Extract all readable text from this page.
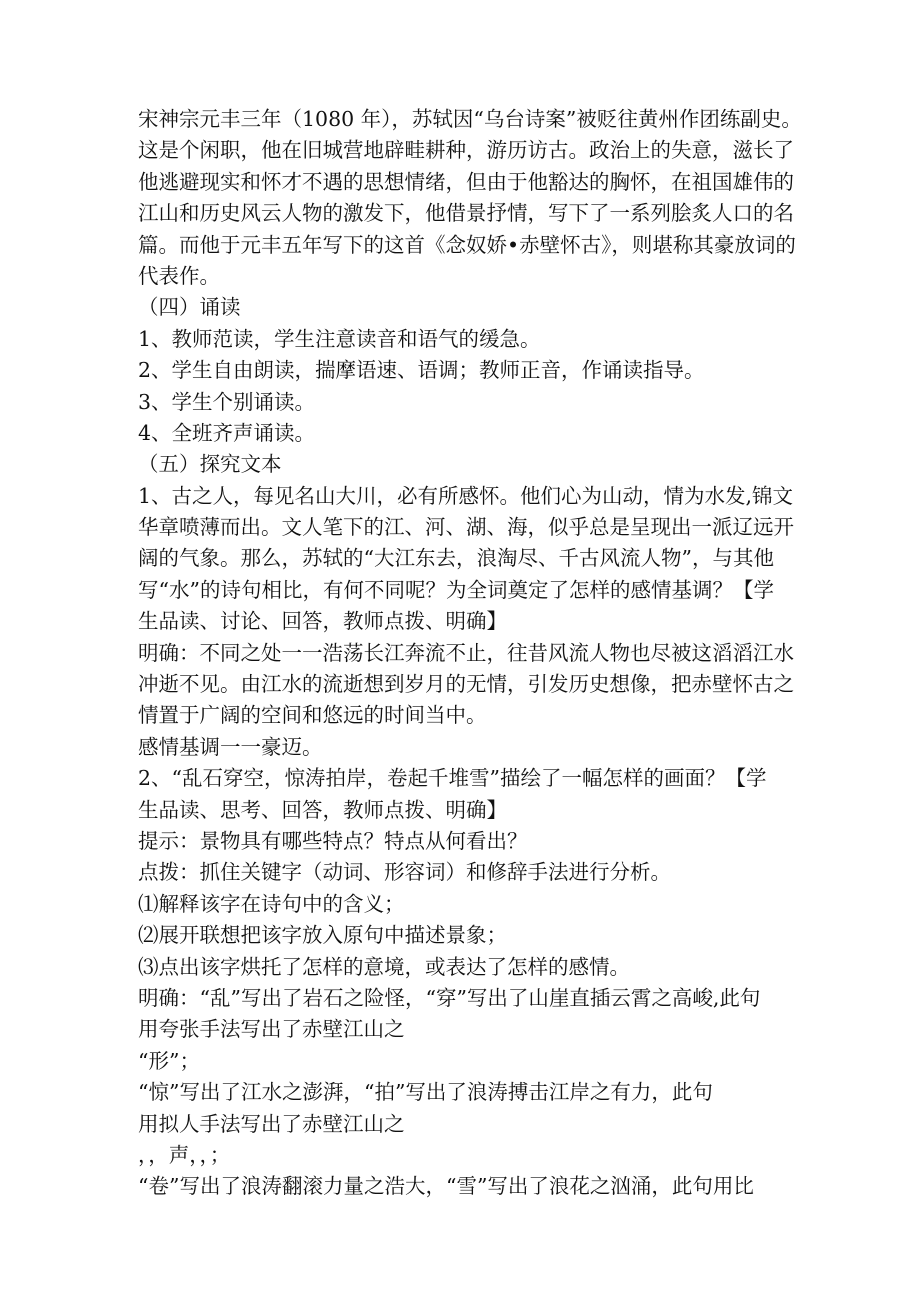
宋神宗元丰三年（1080 年），苏轼因“乌台诗案”被贬往黄州作团练副史。
这是个闲职，他在旧城营地辟畦耕种，游历访古。政治上的失意，滋长了
他逃避现实和怀才不遇的思想情绪，但由于他豁达的胸怀，在祖国雄伟的
江山和历史风云人物的激发下，他借景抒情，写下了一系列脍炙人口的名
篇。而他于元丰五年写下的这首《念奴娇•赤壁怀古》，则堪称其豪放词的
代表作。
（四）诵读
1、教师范读，学生注意读音和语气的缓急。
2、学生自由朗读，揣摩语速、语调；教师正音，作诵读指导。
3、学生个别诵读。
4、全班齐声诵读。
（五）探究文本
1、古之人，每见名山大川，必有所感怀。他们心为山动，情为水发,锦文
华章喷薄而出。文人笔下的江、河、湖、海，似乎总是呈现出一派辽远开
阔的气象。那么，苏轼的“大江东去，浪淘尽、千古风流人物”，与其他
写“水”的诗句相比，有何不同呢？为全词奠定了怎样的感情基调？【学
生品读、讨论、回答，教师点拨、明确】
明确：不同之处一一浩荡长江奔流不止，往昔风流人物也尽被这滔滔江水
冲逝不见。由江水的流逝想到岁月的无情，引发历史想像，把赤壁怀古之
情置于广阔的空间和悠远的时间当中。
感情基调一一豪迈。
2、“乱石穿空，惊涛拍岸，卷起千堆雪”描绘了一幅怎样的画面？【学
生品读、思考、回答，教师点拨、明确】
提示：景物具有哪些特点？特点从何看出？
点拨：抓住关键字（动词、形容词）和修辞手法进行分析。
⑴解释该字在诗句中的含义；
⑵展开联想把该字放入原句中描述景象；
⑶点出该字烘托了怎样的意境，或表达了怎样的感情。
明确：“乱”写出了岩石之险怪，“穿”写出了山崖直插云霄之高峻,此句
用夸张手法写出了赤壁江山之
“形”；
“惊”写出了江水之澎湃，“拍”写出了浪涛搏击江岸之有力，此句
用拟人手法写出了赤壁江山之
，，声，，；
“卷”写出了浪涛翻滚力量之浩大，“雪”写出了浪花之汹涌，此句用比
